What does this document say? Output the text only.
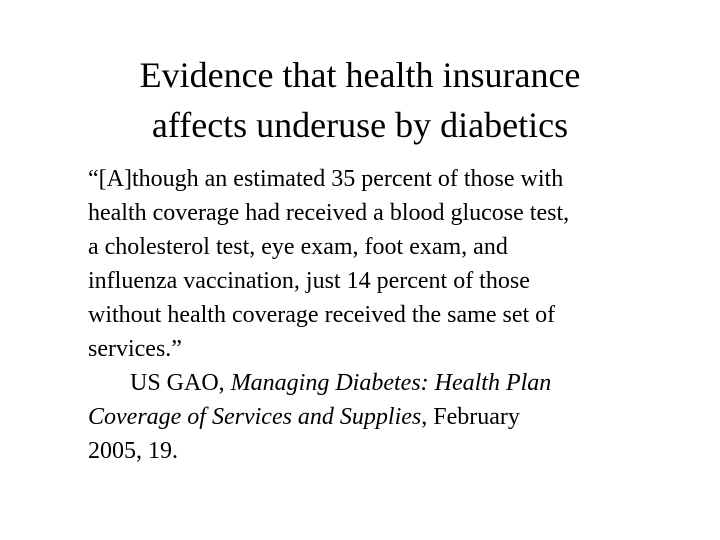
Evidence that health insurance
affects underuse by diabetics
“[A]though an estimated 35 percent of those with
health coverage had received a blood glucose test,
a cholesterol test, eye exam, foot exam, and
influenza vaccination, just 14 percent of those
without health coverage received the same set of
services.”
US GAO, Managing Diabetes: Health Plan
Coverage of Services and Supplies, February
2005, 19.
